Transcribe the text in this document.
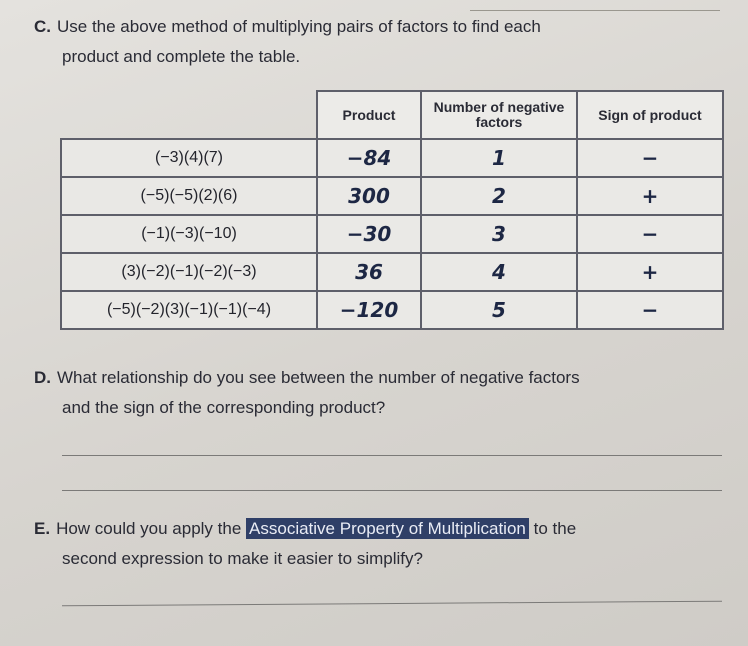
C. Use the above method of multiplying pairs of factors to find each
product and complete the table.
	Product	Number of negative factors	Sign of product
(−3)(4)(7)	−84	1	−
(−5)(−5)(2)(6)	300	2	+
(−1)(−3)(−10)	−30	3	−
(3)(−2)(−1)(−2)(−3)	36	4	+
(−5)(−2)(3)(−1)(−1)(−4)	−120	5	−
D. What relationship do you see between the number of negative factors
and the sign of the corresponding product?
E. How could you apply the Associative Property of Multiplication to the
second expression to make it easier to simplify?
